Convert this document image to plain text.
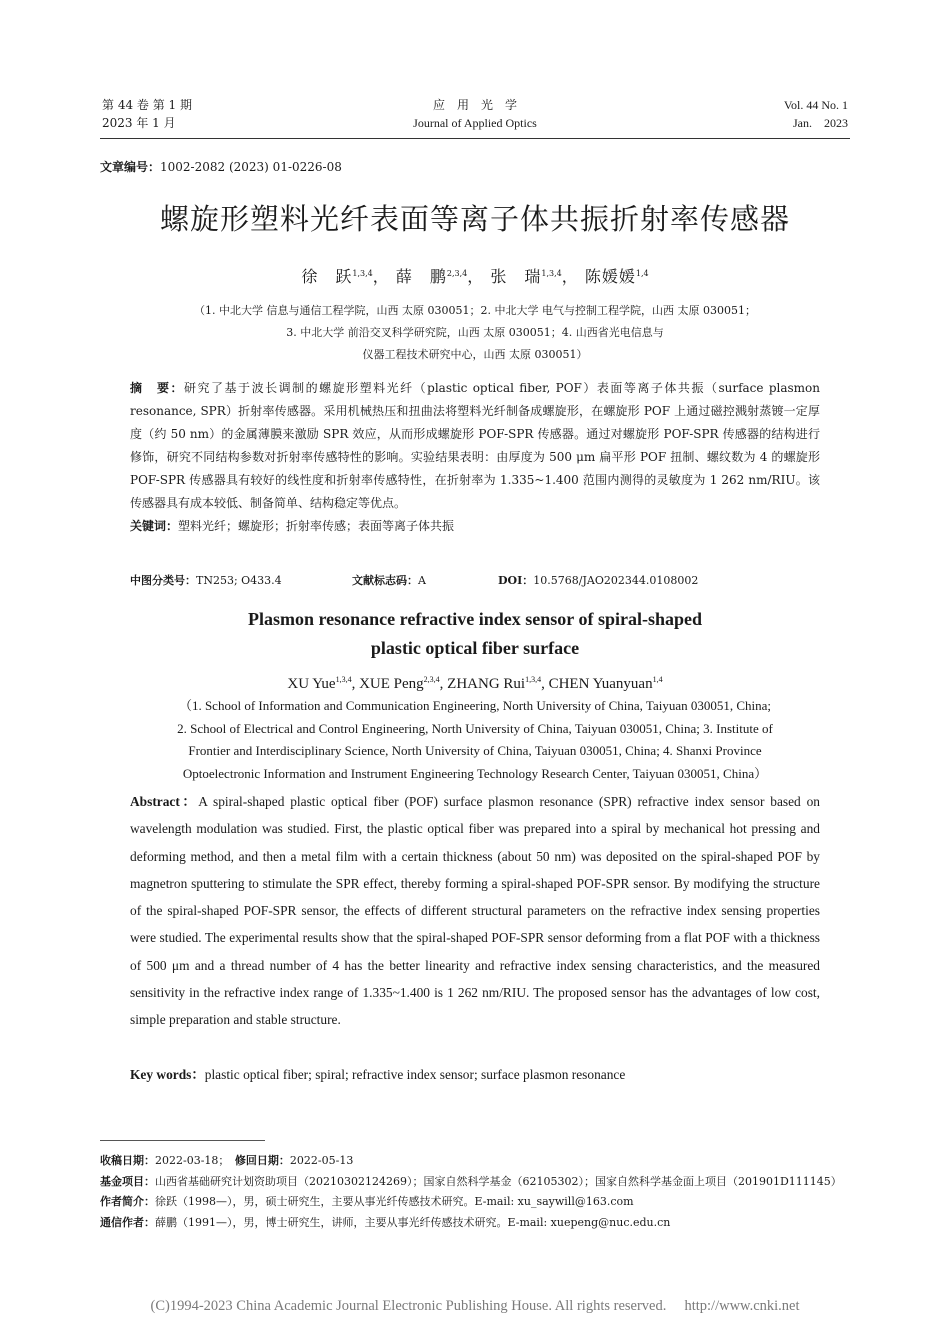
第 44 卷 第 1 期
2023 年 1 月
应　用　光　学
Journal of Applied Optics
Vol. 44 No. 1
Jan.　2023
文章编号：1002-2082 (2023) 01-0226-08
螺旋形塑料光纤表面等离子体共振折射率传感器
徐　跃$^{1,3,4}$， 薛　鹏$^{2,3,4}$， 张　瑞$^{1,3,4}$， 陈媛媛$^{1,4}$
（1. 中北大学 信息与通信工程学院，山西 太原 030051；2. 中北大学 电气与控制工程学院，山西 太原 030051；
3. 中北大学 前沿交叉科学研究院，山西 太原 030051；4. 山西省光电信息与
仪器工程技术研究中心，山西 太原 030051）

摘　要：研究了基于波长调制的螺旋形塑料光纤（plastic optical fiber, POF）表面等离子体共振（surface plasmon resonance, SPR）折射率传感器。采用机械热压和扭曲法将塑料光纤制备成螺旋形，在螺旋形 POF 上通过磁控溅射蒸镀一定厚度（约 50 nm）的金属薄膜来激励 SPR 效应，从而形成螺旋形 POF-SPR 传感器。通过对螺旋形 POF-SPR 传感器的结构进行修饰，研究不同结构参数对折射率传感特性的影响。实验结果表明：由厚度为 500 μm 扁平形 POF 扭制、螺纹数为 4 的螺旋形 POF-SPR 传感器具有较好的线性度和折射率传感特性，在折射率为 1.335~1.400 范围内测得的灵敏度为 1 262 nm/RIU。该传感器具有成本较低、制备简单、结构稳定等优点。

关键词：塑料光纤；螺旋形；折射率传感；表面等离子体共振

中图分类号：TN253; O433.4	文献标志码：A	DOI：10.5768/JAO202344.0108002
Plasmon resonance refractive index sensor of spiral-shaped
plastic optical fiber surface
XU Yue$^{1,3,4}$, XUE Peng$^{2,3,4}$, ZHANG Rui$^{1,3,4}$, CHEN Yuanyuan$^{1,4}$
（1. School of Information and Communication Engineering, North University of China, Taiyuan 030051, China;
2. School of Electrical and Control Engineering, North University of China, Taiyuan 030051, China; 3. Institute of
Frontier and Interdisciplinary Science, North University of China, Taiyuan 030051, China; 4. Shanxi Province
Optoelectronic Information and Instrument Engineering Technology Research Center, Taiyuan 030051, China）
Abstract：A spiral-shaped plastic optical fiber (POF) surface plasmon resonance (SPR) refractive index sensor based on wavelength modulation was studied. First, the plastic optical fiber was prepared into a spiral by mechanical hot pressing and deforming method, and then a metal film with a certain thickness (about 50 nm) was deposited on the spiral-shaped POF by magnetron sputtering to stimulate the SPR effect, thereby forming a spiral-shaped POF-SPR sensor. By modifying the structure of the spiral-shaped POF-SPR sensor, the effects of different structural parameters on the refractive index sensing properties were studied. The experimental results show that the spiral-shaped POF-SPR sensor deforming from a flat POF with a thickness of 500 μm and a thread number of 4 has the better linearity and refractive index sensing characteristics, and the measured sensitivity in the refractive index range of 1.335~1.400 is 1 262 nm/RIU. The proposed sensor has the advantages of low cost, simple preparation and stable structure.
Key words：plastic optical fiber; spiral; refractive index sensor; surface plasmon resonance

收稿日期：2022-03-18；　修回日期：2022-05-13

基金项目：山西省基础研究计划资助项目（20210302124269）；国家自然科学基金（62105302）；国家自然科学基金面上项目（201901D111145）

作者简介：徐跃（1998—），男，硕士研究生，主要从事光纤传感技术研究。E-mail: xu_saywill@163.com

通信作者：薛鹏（1991—），男，博士研究生，讲师，主要从事光纤传感技术研究。E-mail: xuepeng@nuc.edu.cn

(C)1994-2023 China Academic Journal Electronic Publishing House. All rights reserved.　 http://www.cnki.net
